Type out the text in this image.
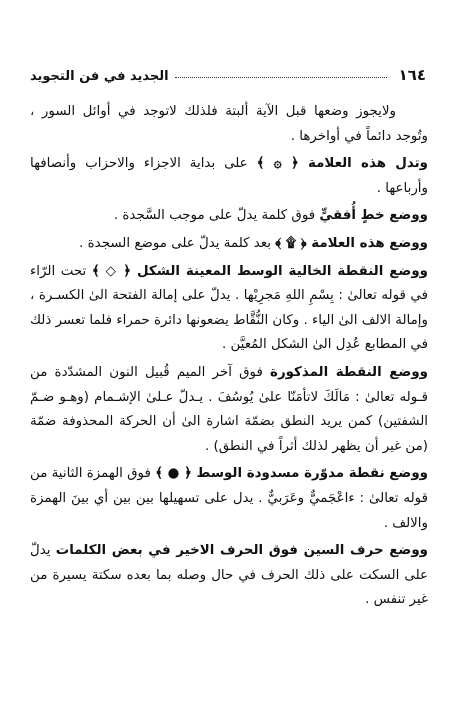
١٦٤
الجديد في فن التجويد

ولايجوز وضعها قبل الآية ألبتة فلذلك لاتوجد في أوائل السور ، وتُوجد دائماً في أواخرها .

وتدل هذه العلامة ﴿ ۞ ﴾ على بداية الاجزاء والاحزاب وأنصافها وأرباعها .

ووضع خطٍ أُفقيٍّ فوق كلمة يدلّ على موجب السَّجدة .

ووضع هذه العلامة ﴿ ۩ ﴾ بعد كلمة يدلّ على موضع السجدة .

ووضع النقطة الخالية الوسط المعينة الشكل ﴿ ◇ ﴾ تحت الرّاء في قوله تعالىٰ : بِسْمِ اللهِ مَجرِيْها . يدلّ على إمالة الفتحة الىٰ الكسـرة ، وإمالة الالف الىٰ الياء . وكان النُّقَّاط يضعونها دائرة حمراء فلما تعسر ذلك في المطابع عُدِل الىٰ الشكل المُعيَّن .

ووضع النقطة المذكورة فوق آخر الميم قُبيل النون المشدّدة من قـوله تعالىٰ : مَالَكَ لاتأمَنّا علىٰ يُوسُفَ . يـدلّ عـلىٰ الإشـمام (وهـو ضـمّ الشفتين) كمن يريد النطق بضمّة اشارة الىٰ أن الحركة المحذوفة ضمّة (من غير أن يظهر لذلك أثراً في النطق) .

ووضع نقطة مدوّرة مسدودة الوسط ﴿ ● ﴾ فوق الهمزة الثانية من قوله تعالىٰ : ءاعْجَميٌّ وعَرَبيٌّ . يدل على تسهيلها بين بين أي بينَ الهمزة والالف .

ووضع حرف السين فوق الحرف الاخير في بعض الكلمات يدلّ على السكت على ذلك الحرف في حال وصله بما بعده سكتة يسيرة من غير تنفس .
